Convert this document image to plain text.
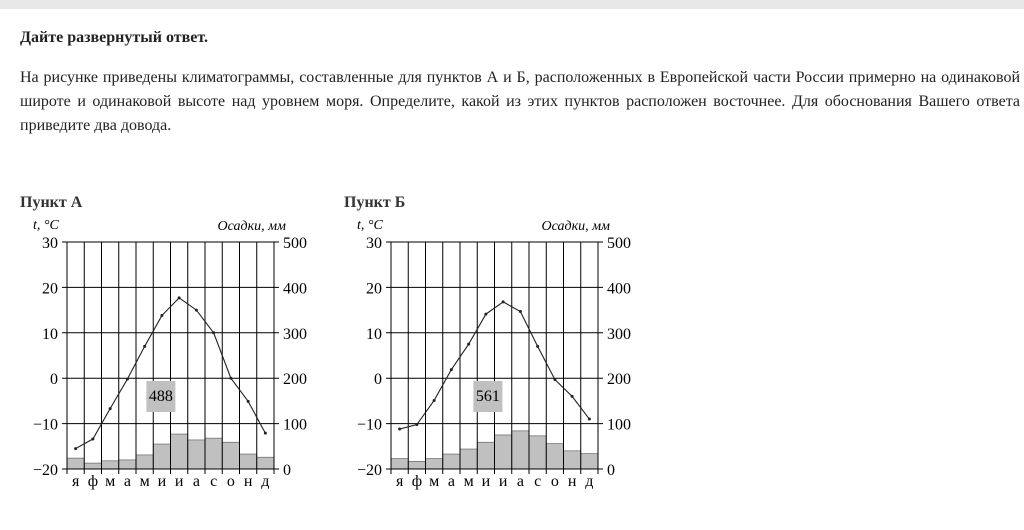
Дайте развернутый ответ.
На рисунке приведены климатограммы, составленные для пунктов А и Б, расположенных в Европейской части России примерно на одинаковой широте и одинаковой высоте над уровнем моря. Определите, какой из этих пунктов расположен восточнее. Для обоснования Вашего ответа приведите два довода.
Пункт А
t, °C	Осадки, мм
30	500
20	400
10	300
0	200
−10	100
−20	0
я ф м а м и и а с о н д
488
Пункт Б
t, °C	Осадки, мм
30	500
20	400
10	300
0	200
−10	100
−20	0
я ф м а м и и а с о н д
561
